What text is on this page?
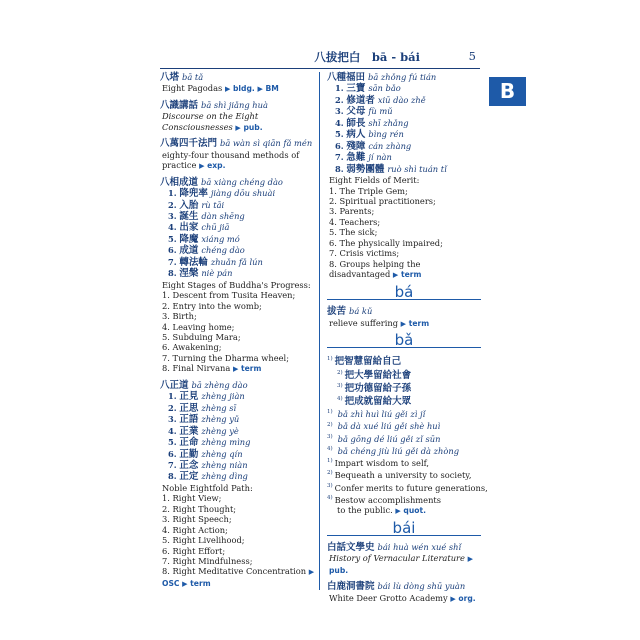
八拔把白　bā - bái	5
B
八塔 bā tǎ
Eight Pagodas ▶ bldg. ▶ BM
八識講話 bā shì jiǎng huà
Discourse on the Eight Consciousnesses ▶ pub.
八萬四千法門 bā wàn sì qiān fǎ mén
eighty-four thousand methods of practice ▶ exp.
八相成道 bā xiàng chéng dào
1. 降兜率 jiàng dōu shuài
2. 入胎 rù tāi
3. 誕生 dàn shēng
4. 出家 chū jiā
5. 降魔 xiáng mó
6. 成道 chéng dào
7. 轉法輪 zhuǎn fǎ lún
8. 涅槃 niè pán
Eight Stages of Buddha's Progress:
1. Descent from Tusita Heaven;
2. Entry into the womb;
3. Birth;
4. Leaving home;
5. Subduing Mara;
6. Awakening;
7. Turning the Dharma wheel;
8. Final Nirvana ▶ term
八正道 bā zhèng dào
1. 正見 zhèng jiàn
2. 正思 zhèng sī
3. 正語 zhèng yǔ
4. 正業 zhèng yè
5. 正命 zhèng mìng
6. 正勤 zhèng qín
7. 正念 zhèng niàn
8. 正定 zhèng dìng
Noble Eightfold Path:
1. Right View;
2. Right Thought;
3. Right Speech;
4. Right Action;
5. Right Livelihood;
6. Right Effort;
7. Right Mindfulness;
8. Right Meditative Concentration ▶ OSC ▶ term
八種福田 bā zhǒng fú tián
1. 三寶 sān bǎo
2. 修道者 xiū dào zhě
3. 父母 fù mǔ
4. 師長 shī zhǎng
5. 病人 bìng rén
6. 殘障 cán zhàng
7. 急難 jí nàn
8. 弱勢團體 ruò shì tuán tǐ
Eight Fields of Merit:
1. The Triple Gem;
2. Spiritual practitioners;
3. Parents;
4. Teachers;
5. The sick;
6. The physically impaired;
7. Crisis victims;
8. Groups helping the disadvantaged ▶ term
bá
拔苦 bá kǔ
relieve suffering ▶ term
bǎ
$^{1)}$ 把智慧留給自己
$^{2)}$ 把大學留給社會
$^{3)}$ 把功德留給子孫
$^{4)}$ 把成就留給大眾
$^{1)}$ bǎ zhì huì liú gěi zì jǐ
$^{2)}$ bǎ dà xué liú gěi shè huì
$^{3)}$ bǎ gōng dé liú gěi zǐ sūn
$^{4)}$ bǎ chéng jiù liú gěi dà zhòng
$^{1)}$ Impart wisdom to self,
$^{2)}$ Bequeath a university to society,
$^{3)}$ Confer merits to future generations,
$^{4)}$ Bestow accomplishments
to the public. ▶ quot.
bái
白話文學史 bái huà wén xué shǐ
History of Vernacular Literature ▶ pub.
白鹿洞書院 bái lù dòng shū yuàn
White Deer Grotto Academy ▶ org.
